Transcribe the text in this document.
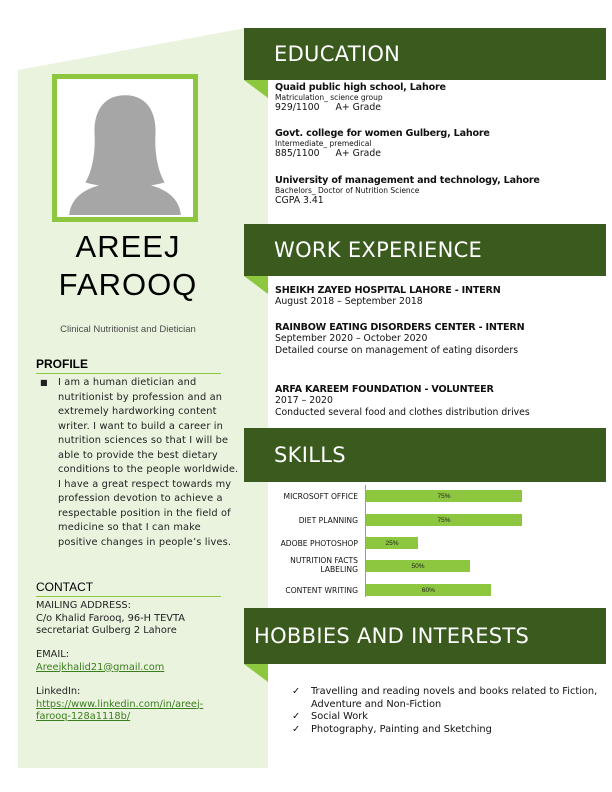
AREEJ
FAROOQ
Clinical Nutritionist and Dietician
PROFILE
■ I am a human dietician and nutritionist by profession and an extremely hardworking content writer. I want to build a career in nutrition sciences so that I will be able to provide the best dietary conditions to the people worldwide. I have a great respect towards my profession devotion to achieve a respectable position in the field of medicine so that I can make positive changes in people’s lives.
CONTACT
MAILING ADDRESS:
C/o Khalid Farooq, 96-H TEVTA
secretariat Gulberg 2 Lahore
EMAIL:
Areejkhalid21@gmail.com
LinkedIn:
https://www.linkedin.com/in/areej-
farooq-128a1118b/
EDUCATION
Quaid public high school, Lahore
Matriculation_ science group
929/1100 A+ Grade
Govt. college for women Gulberg, Lahore
Intermediate_ premedical
885/1100 A+ Grade
University of management and technology, Lahore
Bachelors_ Doctor of Nutrition Science
CGPA 3.41
WORK EXPERIENCE
SHEIKH ZAYED HOSPITAL LAHORE - INTERN
August 2018 – September 2018
RAINBOW EATING DISORDERS CENTER - INTERN
September 2020 – October 2020
Detailed course on management of eating disorders
ARFA KAREEM FOUNDATION - VOLUNTEER
2017 – 2020
Conducted several food and clothes distribution drives
SKILLS
MICROSOFT OFFICE	75%
DIET PLANNING	75%
ADOBE PHOTOSHOP	25%
NUTRITION FACTS LABELING	50%
CONTENT WRITING	60%
HOBBIES AND INTERESTS
✓ Travelling and reading novels and books related to Fiction, Adventure and Non-Fiction
✓ Social Work
✓ Photography, Painting and Sketching
